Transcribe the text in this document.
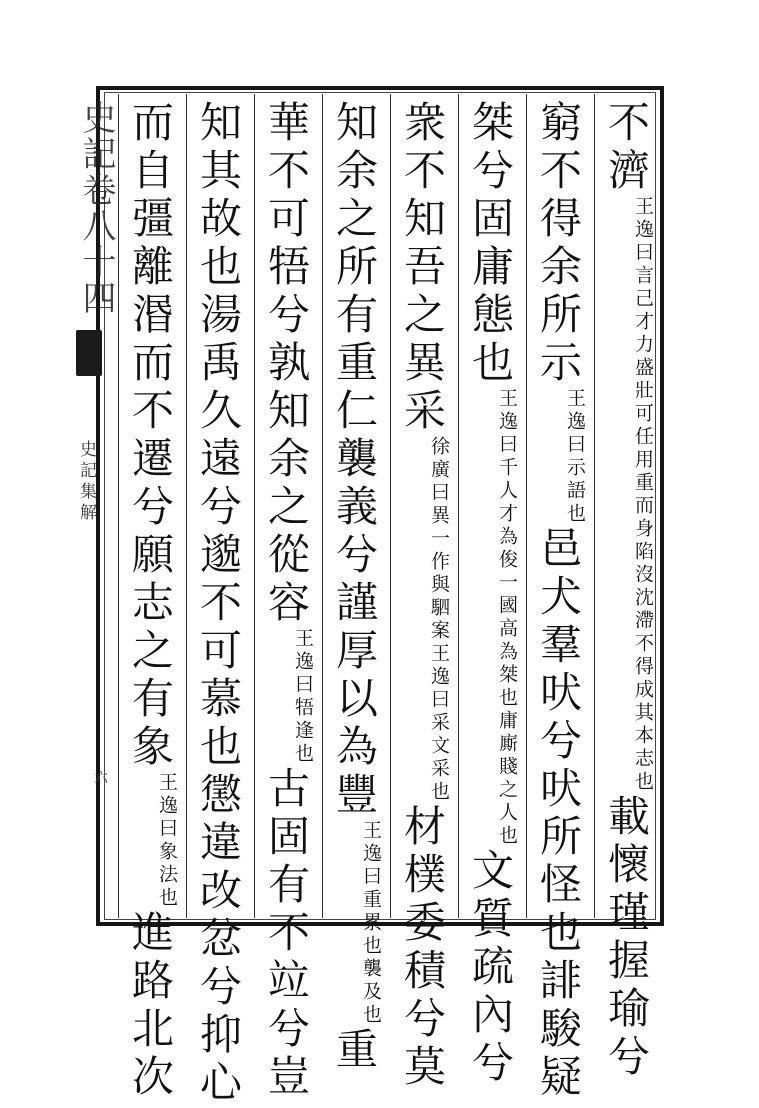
史記卷八十四
史記集解
六
不濟王逸曰言己才力盛壯可任用重而身陷沒沈滯不得成其本志也載懷瑾握瑜兮
窮不得余所示王逸曰示語也邑犬羣吠兮吠所怪也誹駿疑
桀兮固庸態也王逸曰千人才為俊一國高為桀也庸廝賤之人也文質疏內兮
衆不知吾之異采徐廣曰異一作與駟案王逸曰采文采也材樸委積兮莫
知余之所有重仁襲義兮謹厚以為豐王逸曰重累也襲及也重
華不可牾兮孰知余之從容王逸曰牾逢也古固有不竝兮豈
知其故也湯禹久遠兮邈不可慕也懲違改忿兮抑心
而自彊離湣而不遷兮願志之有象王逸曰象法也進路北次
